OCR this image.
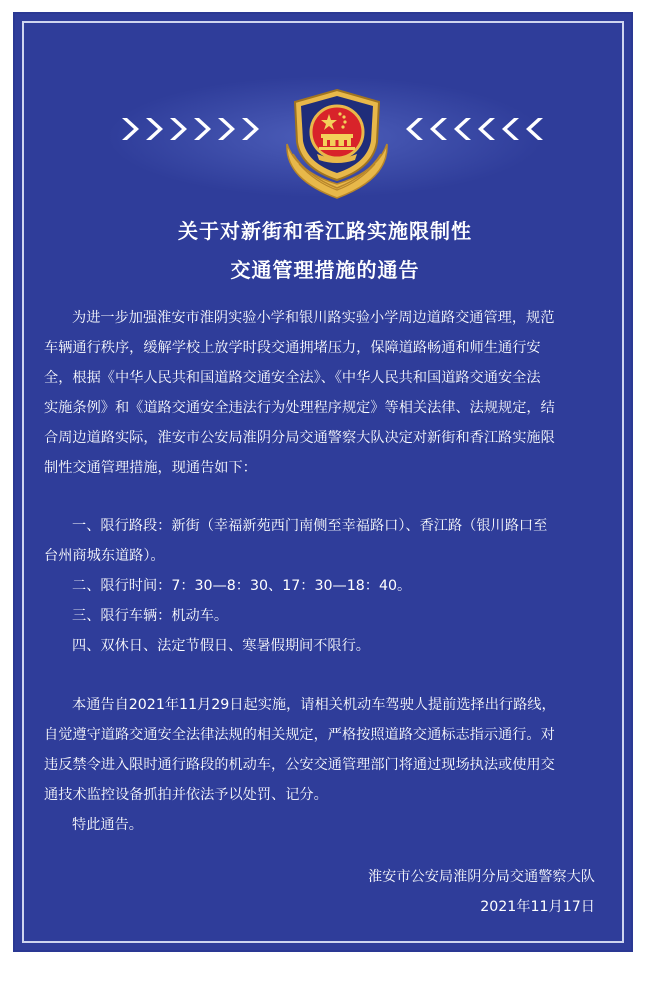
关于对新街和香江路实施限制性
交通管理措施的通告
为进一步加强淮安市淮阴实验小学和银川路实验小学周边道路交通管理，规范
车辆通行秩序，缓解学校上放学时段交通拥堵压力，保障道路畅通和师生通行安
全，根据《中华人民共和国道路交通安全法》、《中华人民共和国道路交通安全法
实施条例》和《道路交通安全违法行为处理程序规定》等相关法律、法规规定，结
合周边道路实际，淮安市公安局淮阴分局交通警察大队决定对新街和香江路实施限
制性交通管理措施，现通告如下：
一、限行路段：新街（幸福新苑西门南侧至幸福路口）、香江路（银川路口至
台州商城东道路）。
二、限行时间：7：30—8：30、17：30—18：40。
三、限行车辆：机动车。
四、双休日、法定节假日、寒暑假期间不限行。
本通告自2021年11月29日起实施，请相关机动车驾驶人提前选择出行路线，
自觉遵守道路交通安全法律法规的相关规定，严格按照道路交通标志指示通行。对
违反禁令进入限时通行路段的机动车，公安交通管理部门将通过现场执法或使用交
通技术监控设备抓拍并依法予以处罚、记分。
特此通告。
淮安市公安局淮阴分局交通警察大队
2021年11月17日
